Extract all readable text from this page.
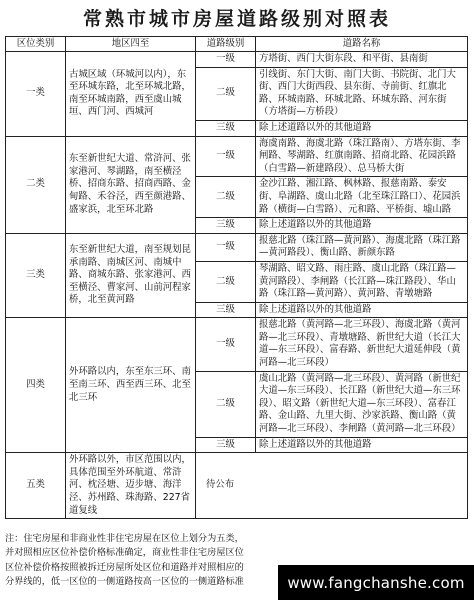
常熟市城市房屋道路级别对照表
区位类别	地区四至	道路级别	道路名称
一类	古城区域（环城河以内），东至环城东路，北至环城北路，南至环城南路，西至虞山城垣、西门河、西城河	一级	方塔街、西门大街东段、和平街、县南街
		二级	引线街、东门大街、南门大街、书院街、北门大街、西门大街西段、县东街、寺前街、红旗北路、环城南路、环城北路、环城东路、河东街（方塔街—方桥段）
		三级	除上述道路以外的其他道路
二类	东至新世纪大道、常浒河、张家港河、琴湖路，南至横泾桥、招商东路、招商西路、金甸路、禾谷泾，西至颜港路、盛家浜，北至环北路	一级	海虞南路、海虞北路（珠江路南）、方塔东街、李闸路、琴湖路、红旗南路、招商北路、花园浜路（白雪路—新建路段）、总马桥大街
		二级	金沙江路、湘江路、枫林路、报慈南路、泰安街、阜湖路、虞山北路（北至珠江路口）、花园浜路（横街—白雪路）、元和路、平桥街、墟山路
		三级	除上述道路以外的其他道路
三类	东至新世纪大道，南至规划昆承南路、南城区河、南城中路、商城东路、张家港河、西至横泾、曹家河、山前河程家桥，北至黄河路	一级	报慈北路（珠江路—黄河路）、海虞北路（珠江路—黄河路段）、衡山路、新颜东路
		二级	琴湖路、昭文路、雨庄路、虞山北路（珠江路—黄河路段）、李闸路（长江路—珠江路段）、华山路（珠江路—黄河路）、黄河路、青墩塘路
		三级	除上述道路以外的其他道路
四类	外环路以内，东至东三环、南至南三环、西至西三环、北至北三环	一级	报慈北路（黄河路—北三环段）、海虞北路（黄河路—北三环段）、青墩塘路、新世纪大道（长江大道—东三环段）、富春路、新世纪大道延伸段（黄河路—北三环段）
		二级	虞山北路（黄河路—北三环段）、黄河路（新世纪大道—东三环段）、长江路（新世纪大道—东三环段）、昭文路（新世纪大道—东三环段）、富春江路、金山路、九里大街、沙家浜路、衡山路（黄河路—北三环段）、李闸路（黄河路—北三环段）
		三级	除上述道路以外的其他道路
五类	外环路以外，市区范围以内，具体范围至外环航道、常浒河、枕泾塘、迈步塘、海洋泾、苏州路、珠海路、227省道复线	待公布	
注：住宅房屋和非商业性非住宅房屋在区位上划分为五类，
并对照相应区位补偿价格标准确定，商业性非住宅房屋区位
区位补偿价格按照被拆迁房屋所处区位和道路并对照相应的
分界线的，低一区位的一侧道路按高一区位的一侧道路标准	www.fangchanshe.com
